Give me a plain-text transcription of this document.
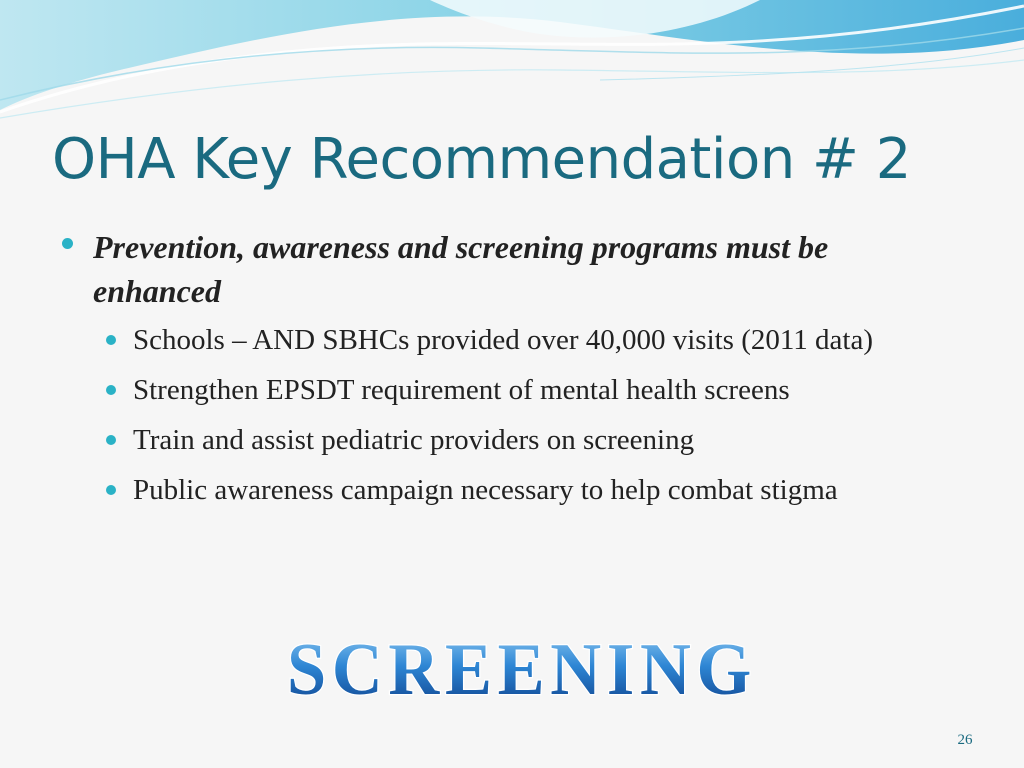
OHA Key Recommendation # 2
Prevention, awareness and screening programs must be enhanced
Schools – AND SBHCs provided over 40,000 visits (2011 data)
Strengthen EPSDT requirement of mental health screens
Train and assist pediatric providers on screening
Public awareness campaign necessary to help combat stigma
SCREENING
26
